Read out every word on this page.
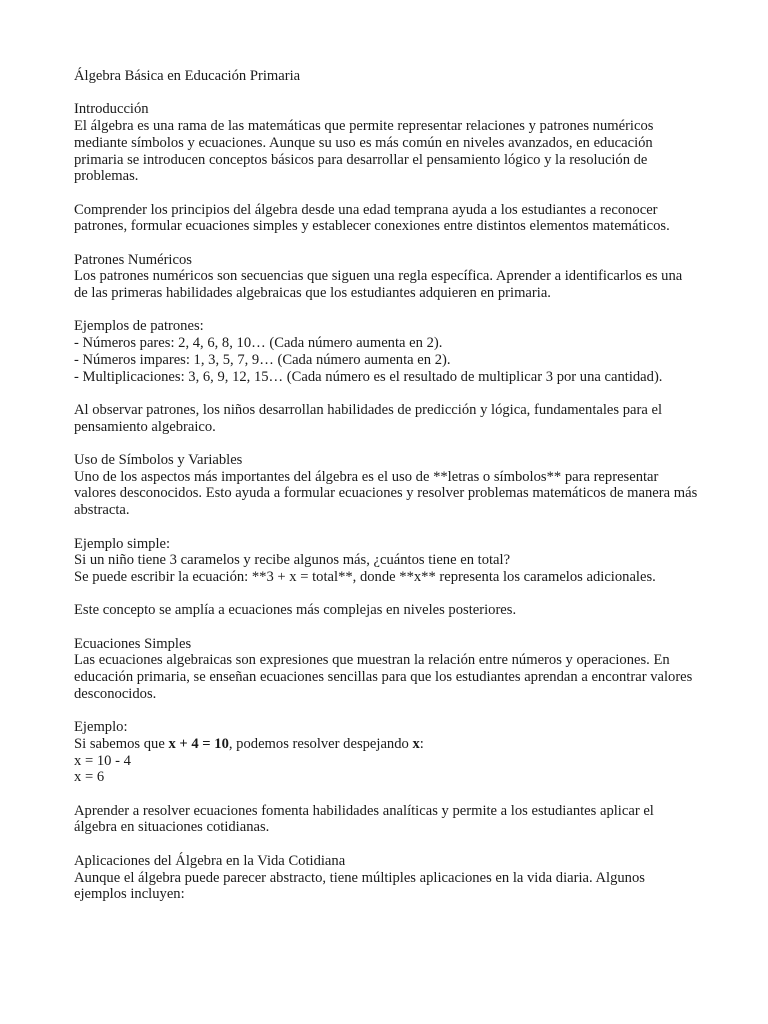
Álgebra Básica en Educación Primaria

Introducción
El álgebra es una rama de las matemáticas que permite representar relaciones y patrones numéricos mediante símbolos y ecuaciones. Aunque su uso es más común en niveles avanzados, en educación primaria se introducen conceptos básicos para desarrollar el pensamiento lógico y la resolución de problemas.

Comprender los principios del álgebra desde una edad temprana ayuda a los estudiantes a reconocer patrones, formular ecuaciones simples y establecer conexiones entre distintos elementos matemáticos.

Patrones Numéricos
Los patrones numéricos son secuencias que siguen una regla específica. Aprender a identificarlos es una de las primeras habilidades algebraicas que los estudiantes adquieren en primaria.

Ejemplos de patrones:
- Números pares: 2, 4, 6, 8, 10… (Cada número aumenta en 2).
- Números impares: 1, 3, 5, 7, 9… (Cada número aumenta en 2).
- Multiplicaciones: 3, 6, 9, 12, 15… (Cada número es el resultado de multiplicar 3 por una cantidad).

Al observar patrones, los niños desarrollan habilidades de predicción y lógica, fundamentales para el pensamiento algebraico.

Uso de Símbolos y Variables
Uno de los aspectos más importantes del álgebra es el uso de **letras o símbolos** para representar valores desconocidos. Esto ayuda a formular ecuaciones y resolver problemas matemáticos de manera más abstracta.

Ejemplo simple:
Si un niño tiene 3 caramelos y recibe algunos más, ¿cuántos tiene en total?
Se puede escribir la ecuación: **3 + x = total**, donde **x** representa los caramelos adicionales.

Este concepto se amplía a ecuaciones más complejas en niveles posteriores.

Ecuaciones Simples
Las ecuaciones algebraicas son expresiones que muestran la relación entre números y operaciones. En educación primaria, se enseñan ecuaciones sencillas para que los estudiantes aprendan a encontrar valores desconocidos.

Ejemplo:
Si sabemos que x + 4 = 10, podemos resolver despejando x:
x = 10 - 4
x = 6

Aprender a resolver ecuaciones fomenta habilidades analíticas y permite a los estudiantes aplicar el álgebra en situaciones cotidianas.

Aplicaciones del Álgebra en la Vida Cotidiana
Aunque el álgebra puede parecer abstracto, tiene múltiples aplicaciones en la vida diaria. Algunos ejemplos incluyen:
